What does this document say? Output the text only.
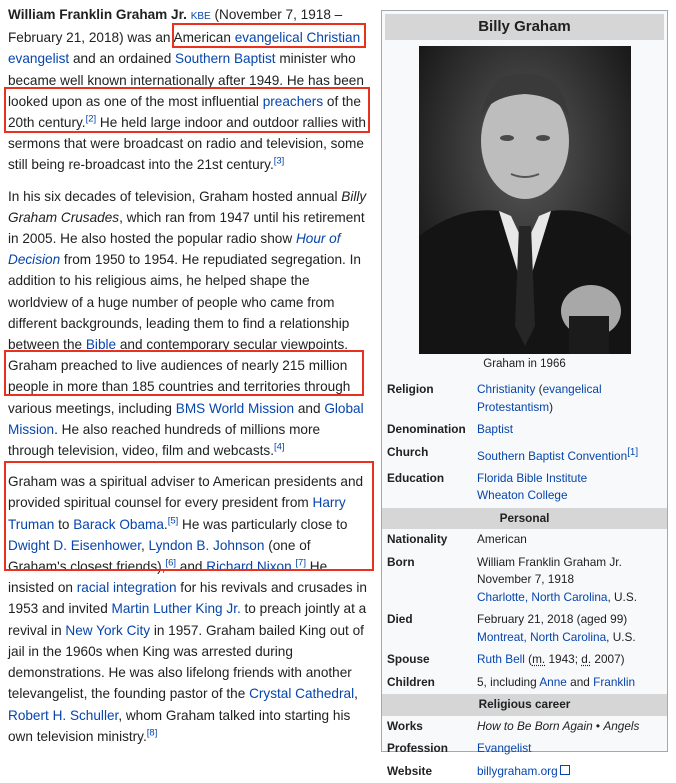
William Franklin Graham Jr. KBE (November 7, 1918 – February 21, 2018) was an American evangelical Christian evangelist and an ordained Southern Baptist minister who became well known internationally after 1949. He has been looked upon as one of the most influential preachers of the 20th century.[2] He held large indoor and outdoor rallies with sermons that were broadcast on radio and television, some still being re-broadcast into the 21st century.[3]

In his six decades of television, Graham hosted annual Billy Graham Crusades, which ran from 1947 until his retirement in 2005. He also hosted the popular radio show Hour of Decision from 1950 to 1954. He repudiated segregation. In addition to his religious aims, he helped shape the worldview of a huge number of people who came from different backgrounds, leading them to find a relationship between the Bible and contemporary secular viewpoints. Graham preached to live audiences of nearly 215 million people in more than 185 countries and territories through various meetings, including BMS World Mission and Global Mission. He also reached hundreds of millions more through television, video, film and webcasts.[4]

Graham was a spiritual adviser to American presidents and provided spiritual counsel for every president from Harry Truman to Barack Obama.[5] He was particularly close to Dwight D. Eisenhower, Lyndon B. Johnson (one of Graham's closest friends),[6] and Richard Nixon.[7] He insisted on racial integration for his revivals and crusades in 1953 and invited Martin Luther King Jr. to preach jointly at a revival in New York City in 1957. Graham bailed King out of jail in the 1960s when King was arrested during demonstrations. He was also lifelong friends with another televangelist, the founding pastor of the Crystal Cathedral, Robert H. Schuller, whom Graham talked into starting his own television ministry.[8]

Billy Graham
Graham in 1966
Religion	Christianity (evangelical Protestantism)
Denomination	Baptist
Church	Southern Baptist Convention[1]
Education	Florida Bible Institute
Wheaton College
Personal	
Nationality	American
Born	William Franklin Graham Jr.
November 7, 1918
Charlotte, North Carolina, U.S.
Died	February 21, 2018 (aged 99)
Montreat, North Carolina, U.S.
Spouse	Ruth Bell (m. 1943; d. 2007)
Children	5, including Anne and Franklin
Religious career	
Works	How to Be Born Again • Angels
Profession	Evangelist
Website	billygraham.org
